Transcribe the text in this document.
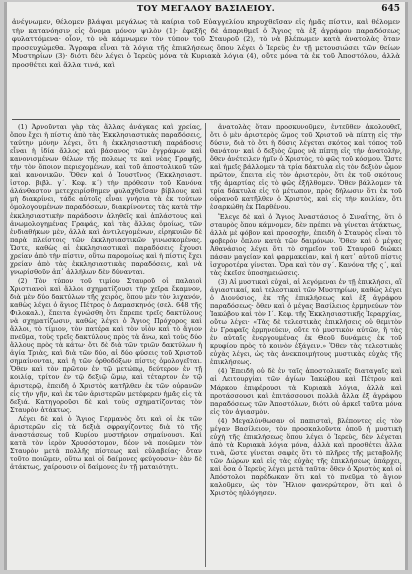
ΤΟΥ ΜΕΓΑΛΟΥ ΒΑΣΙΛΕΙΟΥ.	645

ἀνέγνωμεν, θέλομεν βλάψαι μεγάλως τὰ καίρια τοῦ Εὐαγγελίου κηρυχθεῖσαν εἰς ἡμᾶς πίστιν, καὶ θέλομεν τὴν κατανόησιν εἰς ὄνομα μόνον ψιλὸν (1)· ἐφεξῆς δὲ ἀπαριθμεῖ ὁ Ἅγιος τὰ ἐξ ἀγράφου παραδόσεως φυλαττόμενα· οἷον, τὸ νὰ κάμνωμεν τὸν τύπον τοῦ Σταυροῦ (2), τὸ νὰ βλέπωμεν κατὰ ἀνατολὰς ὅταν προσευχώμεθα. Ἄγραφα εἶναι τὰ λόγια τῆς ἐπικλήσεως ὅπου λέγει ὁ Ἱερεὺς ἐν τῇ μετουσιώσει τῶν θείων Μυστηρίων (3)· διότι δὲν λέγει ὁ Ἱερεὺς μόνα τὰ Κυριακὰ λόγια (4), οὔτε μόνα τὰ ἐκ τοῦ Ἀποστόλου, ἀλλὰ προσθέτει καὶ ἄλλα τινά, καὶ

(1) Ἀρνοῦνται γὰρ τὰς ἄλλας ἀνάγκας καὶ χρείας, ὅπου ἔχει ἡ πίστις ἀπὸ τὰς Ἐκκλησιαστικὰς παραδόσεις, ταύτην μόνην λέγει, ὅτι ἡ ἐκκλησιαστικὴ παράδοσις εἶναι ἡ ἰδία ἄλλος καὶ βάσανος τῶν ἐγγράφων καὶ κανονισμένων θέλων τῆς πολεως τε καὶ νέας Γραφῆς, τὴν τὸν ὅποιον περιεχομένων, καὶ τοῦ ἀποστολικοῦ τῶν καὶ κανονικῶν. Ὅθεν καὶ ὁ Ἰουστῖνος (Ἐκκλησιαστ. ἱστορ. βιβλ. γ΄. Κεφ. κ΄) τὴν πρόθεσιν τοῦ Κανόνα ἀλάνθαστον μετεχειρίσθημεν φυλαχθεῖσαν βίβλους καὶ μὴ διακρίνει, τάδε αὐτοῖς εἶναι γνήσια τὰ ἐκ τούτων ὁμολογουμένων παραδόσεων, διακρίνοντες τὰς κατὰ τὴν ἐκκλησιαστικὴν παράδοσιν ἀληθεῖς καὶ ἀπλάστους καὶ ἀνωμολογημένας Γραφάς, καὶ τὰς ἄλλας ὁμοίως, τῶν ἐνδιαθήκων μὲν, ἀλλὰ καὶ ἀντιλεγομένων, εἰρηκυιῶν δὲ παρὰ πλείστοις τῶν ἐκκλησιαστικῶν γινωσκομένας. Ὥστε, καθὼς αἱ ἐκκλησιαστικαὶ παραδόσεις ἔχουσι χρείαν ἀπὸ τὴν πίστιν, οὕτω παρομοίως καὶ ἡ πίστις ἔχει χρείαν ἀπὸ τὰς ἐκκλησιαστικὰς παραδόσεις, καὶ νὰ γνωρίσθοῦν ἀπ᾽ ἀλλήλων δὲν δύνανται.

(2) Τὸν τύπον τοῦ τιμίου Σταυροῦ οἱ παλαιοὶ Χριστιανοὶ καὶ ἄλλοι σχηματίζουσι τὴν χεῖρα ἔκαμνον, διὰ μὲν δύο δακτύλων τῆς χειρὸς, ὅπου μὲν τὸν λιχανόν, καθὼς λέγει ὁ ἅγιος Πέτρος ὁ Δαμασκηνός (σελ. 648 τῆς Φιλοκαλ.), ἔπειτα ἐγνώσθη ὅτι ἔπρεπε τρεῖς δακτύλους νὰ σχηματίζωσιν, καθὼς λέγει ὁ Ἅγιος Πρόχορος καὶ ἄλλοι, τὸ τίμιον, τὸν πατέρα καὶ τὸν υἱὸν καὶ τὸ ἅγιον πνεῦμα, τοὺς τρεῖς δακτύλους πρὸς τὰ ἄνω, καὶ τοὺς δύο ἄλλους πρὸς τὰ κάτω· ὅτι δὲ διὰ τῶν τριῶν δακτύλων ἡ ἁγία Τριὰς, καὶ διὰ τῶν δύο, αἱ δύο φύσεις τοῦ Χριστοῦ σημαίνονται, καὶ ἡ τῶν ὀρθοδόξων πίστις ὁμολογεῖται. Ὅθεν καὶ τὸν πρῶτον ἐν τῷ μετώπῳ, δεύτερον ἐν τῇ κοιλίᾳ, τρίτον ἐν τῷ δεξιῷ ὤμῳ, καὶ τέταρτον ἐν τῷ ἀριστερῷ, ἐπειδὴ ὁ Χριστὸς κατῆλθεν ἐκ τῶν οὐρανῶν εἰς τὴν γῆν, καὶ ἐκ τῶν ἀριστερῶν μετέφερεν ἡμᾶς εἰς τὰ δεξιά. Κατηγοροῦσι δὲ καὶ τοὺς σχηματίζοντας τὸν Σταυρὸν ἀτάκτως.

Λέγει δὲ καὶ ὁ Ἅγιος Γερμανὸς ὅτι καὶ οἱ ἐκ τῶν ἀριστερῶν εἰς τὰ δεξιὰ σφραγίζοντες διὰ τὸ τῆς ἀναστάσεως τοῦ Κυρίου μυστήριον σημαίνουσι. Καὶ κατὰ τὸν ἱερὸν Χρυσόστομον, δέον νὰ ποιῶμεν τὸν Σταυρὸν μετὰ πολλῆς πίστεως καὶ εὐλαβείας· ὅταν τοῦτο ποιῶμεν, οὕτω καὶ οἱ δαίμονες φεύγουσιν· ἐὰν δὲ ἀτάκτως, χαίρουσιν οἱ δαίμονες ἐν τῇ ματαιότητι.

ἀνατολὰς ὅταν προσκυνοῦμεν, ἐντεῦθεν ἀκολουθεῖ, ὅτι ὁ μὲν ἀριστερὸς ὤμος τοῦ Χριστοῦ νὰ πίπτῃ εἰς τὴν δύσιν, διὰ τὸ ὅτι ἡ δύσις λέγεται σκότος καὶ τόπος τοῦ θανάτου· καὶ ὁ δεξιὸς ὤμος νὰ πίπτῃ εἰς τὴν ἀνατολὴν, ὅθεν ἀνέτειλεν ἡμῖν ὁ Χριστὸς, τὸ φῶς τοῦ κόσμου. Ὥστε καὶ ἡμεῖς βάλλομεν τὰ τρία δάκτυλα εἰς τὸν δεξιὸν ὦμον πρῶτον, ἔπειτα εἰς τὸν ἀριστερὸν, ὅτι ἐκ τοῦ σκότους τῆς ἁμαρτίας εἰς τὸ φῶς ἐξήλθομεν. Ὅθεν βάλλομεν τὰ τρία δάκτυλα εἰς τὸ μέτωπον, πρὸς δήλωσιν ὅτι ἐκ τοῦ οὐρανοῦ κατῆλθεν ὁ Χριστὸς, καὶ εἰς τὴν κοιλίαν, ὅτι ἐσαρκώθη ἐκ Παρθένου.

Ἔλεγε δὲ καὶ ὁ Ἅγιος Ἀναστάσιος ὁ Σιναΐτης, ὅτι ὁ σταυρὸς ὅπου κάμνομεν, δὲν πρέπει νὰ γίνεται ἀτάκτως, ἀλλὰ μὲ φόβον καὶ προσοχὴν, ἐπειδὴ ὁ Σταυρὸς εἶναι τὸ φοβερὸν ὅπλον κατὰ τῶν δαιμόνων. Ὅθεν καὶ ὁ μέγας Ἀθανάσιος λέγει ὅτι τὸ σημεῖον τοῦ Σταυροῦ διώκει πάσαν μαγείαν καὶ φαρμακείαν, καὶ ἡ κατ᾽ αὐτοῦ πίστις ἰσχυροτέρα γίνεται. Ὅρα καὶ τὸν σγ΄. Κανόνα τῆς ς΄, καὶ τὰς ἐκεῖσε ὑποσημειώσεις.

(3) Αἱ μυστικαὶ εὐχαὶ, αἱ λεγόμεναι ἐν τῇ ἐπικλήσει, αἳ ἁγιαστικαί, καὶ τελεστικαὶ τῶν Μυστηρίων, καθὼς λέγει ὁ Διονύσιος, ἐκ τῆς ἐπικλήσεως καὶ ἐξ ἀγράφου παραδόσεως· ὅθεν καὶ ὁ μέγας Βασίλειος ἑρμηνεύων τὸν Ἰακώβου καὶ τὸν Ι΄. Κεφ. τῆς Ἐκκλησιαστικῆς Ἱεραρχίας, οὕτω λέγει· «Τὰς δὲ τελεστικὰς ἐπικλήσεις οὐ θεμιτὸν ἐν Γραφαῖς ἑρμηνεύειν, οὔτε τὸ μυστικὸν αὐτῶν, ἢ τὰς ἐν αὐταῖς ἐνεργουμένας ἐκ Θεοῦ δυνάμεις ἐκ τοῦ κρυφίου πρὸς τὸ κοινὸν ἐξάγειν.» Ὅθεν τὰς τελεστικὰς εὐχὰς λέγει, ὡς τὰς ἀνεκποιμήτους μυστικὰς εὐχὰς τῆς ἐπικλήσεως.

(4) Ἐπειδὴ οὐ δὲ ἐν ταῖς ἀποστολικαῖς διαταγαῖς καὶ αἱ Λειτουργίαι τῶν ἁγίων Ἰακώβου καὶ Πέτρου καὶ Μάρκου ἐπιφέρουσι τὰ Κυριακὰ λόγια, ἀλλὰ καὶ προτάσσουσι καὶ ἐπιτάσσουσι πολλὰ ἄλλα ἐξ ἀγράφου παραδόσεως τῶν Ἀποστόλων, διότι οὐ ἀρκεῖ ταῦτα μόνα εἰς τὸν ἁγιασμὸν.

(4) Μεγαλύνθωσαν οἱ παπισταὶ, βλέποντες εἰς τὸν μέγαν Βασίλειον, τὸν προσκαλοῦντα ὁποῦ ἡ μυστικὴ εὐχὴ τῆς ἐπικλήσεως ὅπου λέγει ὁ Ἱερεὺς, δὲν λέγεται ἀπὸ τὰ Κυριακὰ λόγια μόνα, ἀλλὰ καὶ προσθέτει ἄλλα τινὰ, ὥστε γίνεται σαφὲς ὅτι τὸ πλῆρες τῆς μεταβολῆς τῶν Δώρων καὶ εἰς τὰς εὐχὰς τῆς ἐπικλήσεως ὑπάρχει, καὶ ὅσα ὁ Ἱερεὺς λέγει μετὰ ταῦτα· ὅθεν ὁ Χριστὸς καὶ οἱ Ἀπόστολοι παρέδωκαν ὅτι καὶ τὸ πνεῦμα τὸ ἅγιον καλοῦμεν, ὡς τὸν Ἥλιον φανερώτερον, ὅτι καὶ ὁ Χριστὸς ηὐλόγησεν.
